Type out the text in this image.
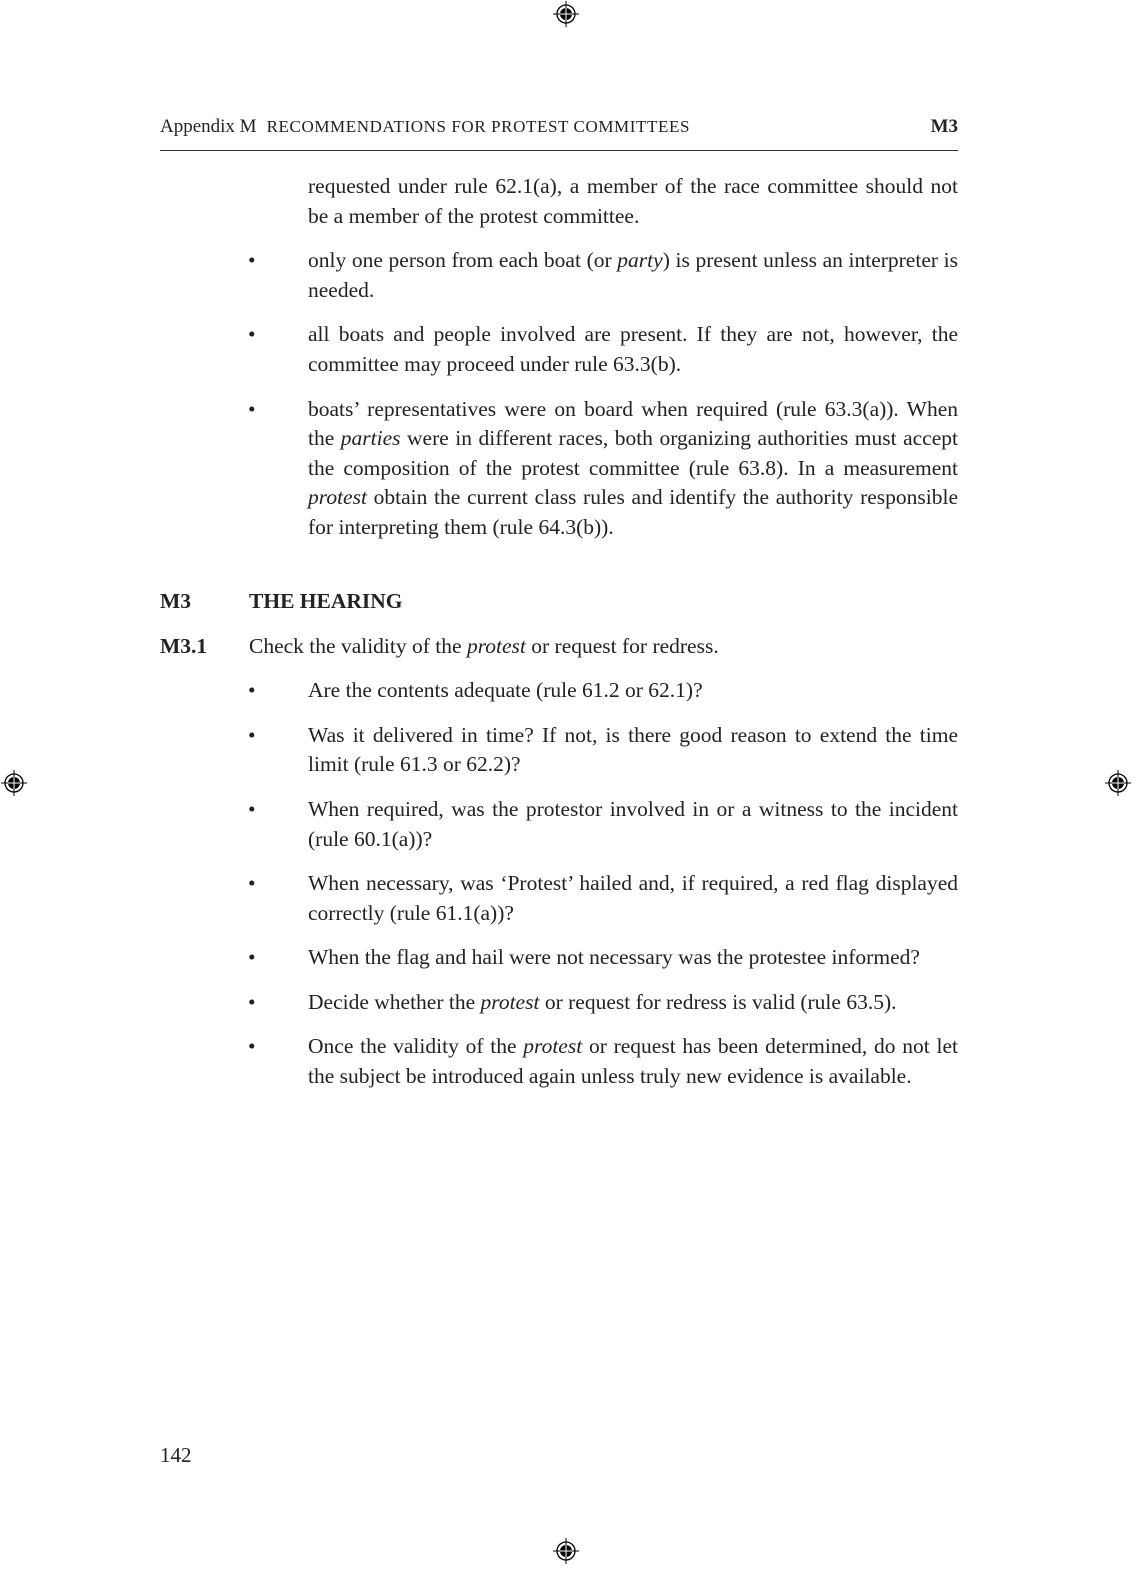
Appendix M RECOMMENDATIONS FOR PROTEST COMMITTEES	M3
requested under rule 62.1(a), a member of the race committee should not be a member of the protest committee.
• only one person from each boat (or party) is present unless an interpreter is needed.
• all boats and people involved are present. If they are not, however, the committee may proceed under rule 63.3(b).
• boats’ representatives were on board when required (rule 63.3(a)). When the parties were in different races, both organizing authorities must accept the composition of the protest committee (rule 63.8). In a measurement protest obtain the current class rules and identify the authority responsible for interpreting them (rule 64.3(b)).
M3	THE HEARING
M3.1 Check the validity of the protest or request for redress.
• Are the contents adequate (rule 61.2 or 62.1)?
• Was it delivered in time? If not, is there good reason to extend the time limit (rule 61.3 or 62.2)?
• When required, was the protestor involved in or a witness to the incident (rule 60.1(a))?
• When necessary, was ‘Protest’ hailed and, if required, a red flag displayed correctly (rule 61.1(a))?
• When the flag and hail were not necessary was the protestee informed?
• Decide whether the protest or request for redress is valid (rule 63.5).
• Once the validity of the protest or request has been determined, do not let the subject be introduced again unless truly new evidence is available.
142
